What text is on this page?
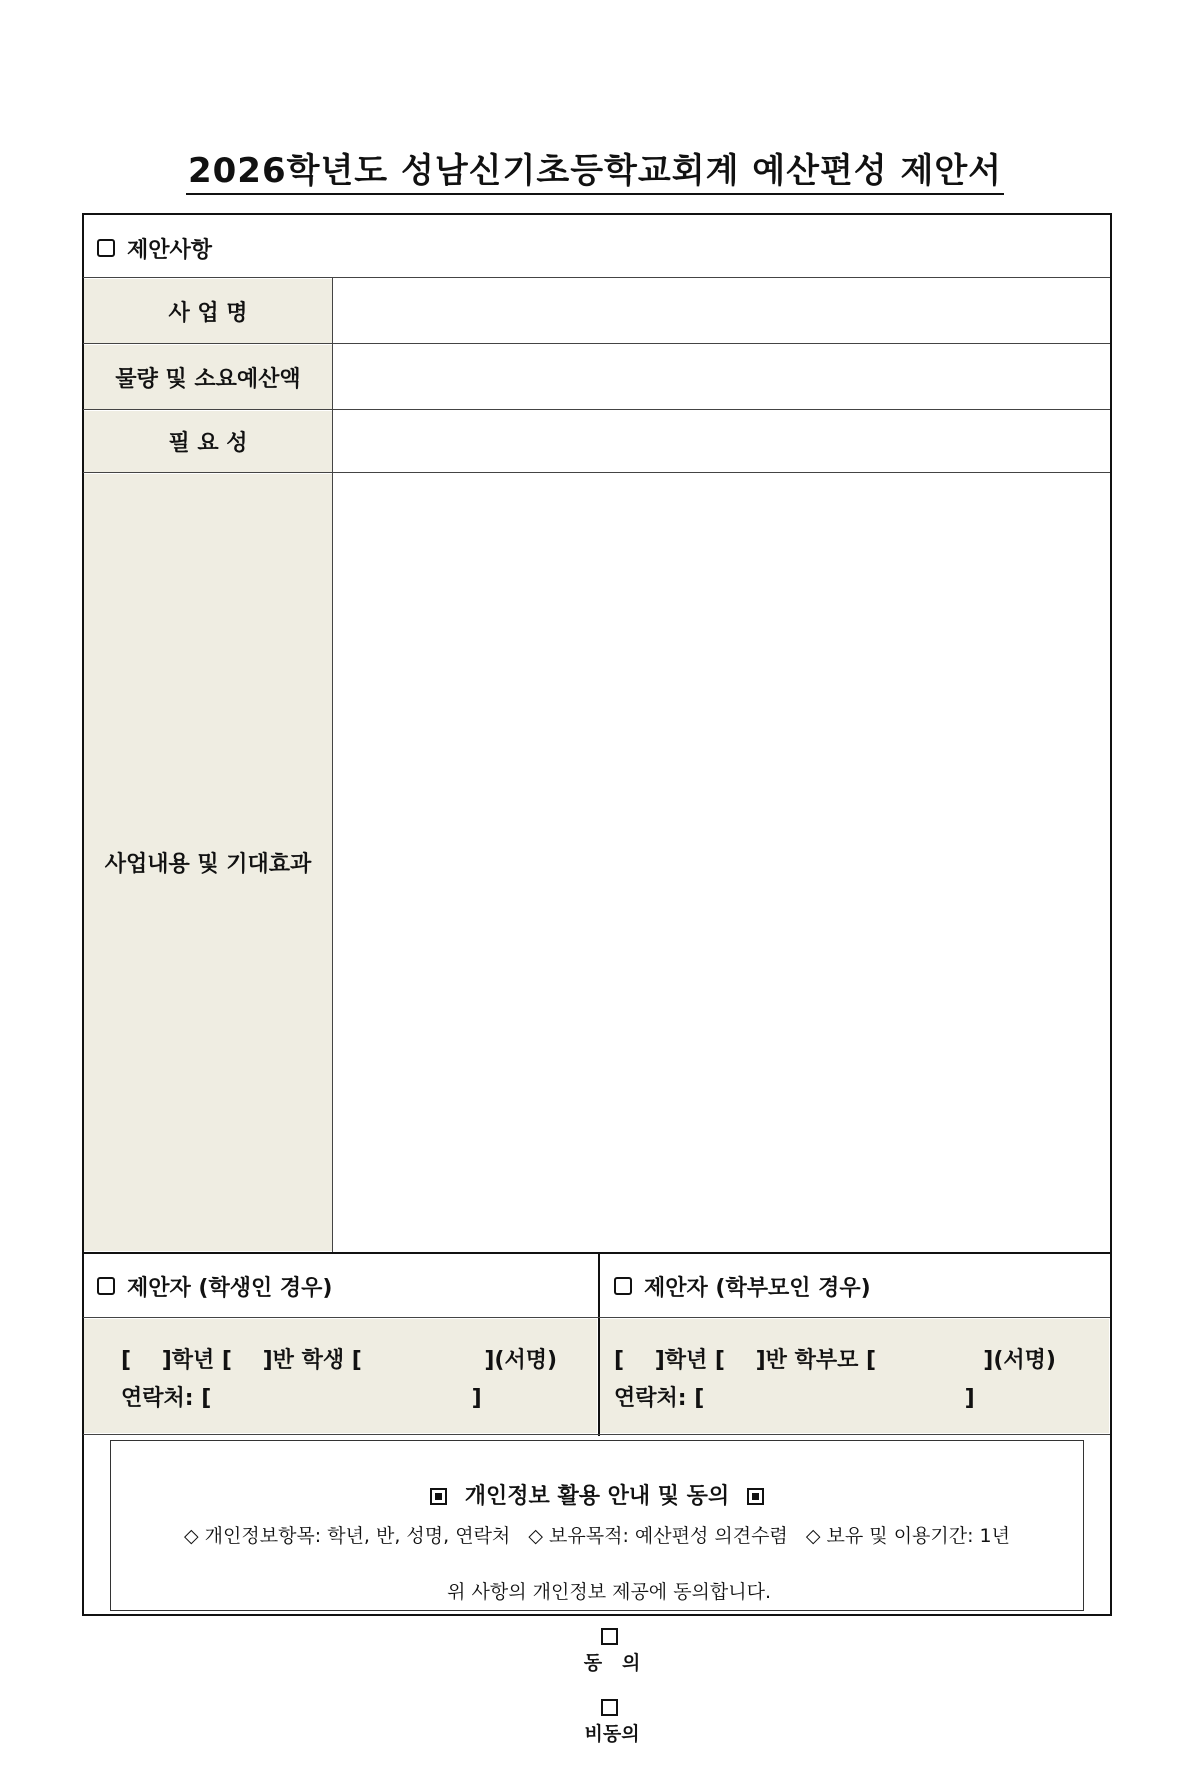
2026학년도 성남신기초등학교회계 예산편성 제안서
제안사항
사 업 명
물량 및 소요예산액
필 요 성
사업내용 및 기대효과
제안자 (학생인 경우)	제안자 (학부모인 경우)
[    ]학년 [    ]반 학생 [                ](서명)
연락처: [                                  ]
[    ]학년 [    ]반 학부모 [              ](서명)
연락처: [                                  ]
개인정보 활용 안내 및 동의
◇ 개인정보항목: 학년, 반, 성명, 연락처   ◇ 보유목적: 예산편성 의견수렴   ◇ 보유 및 이용기간: 1년

위 사항의 개인정보 제공에 동의합니다.

동   의

비동의
